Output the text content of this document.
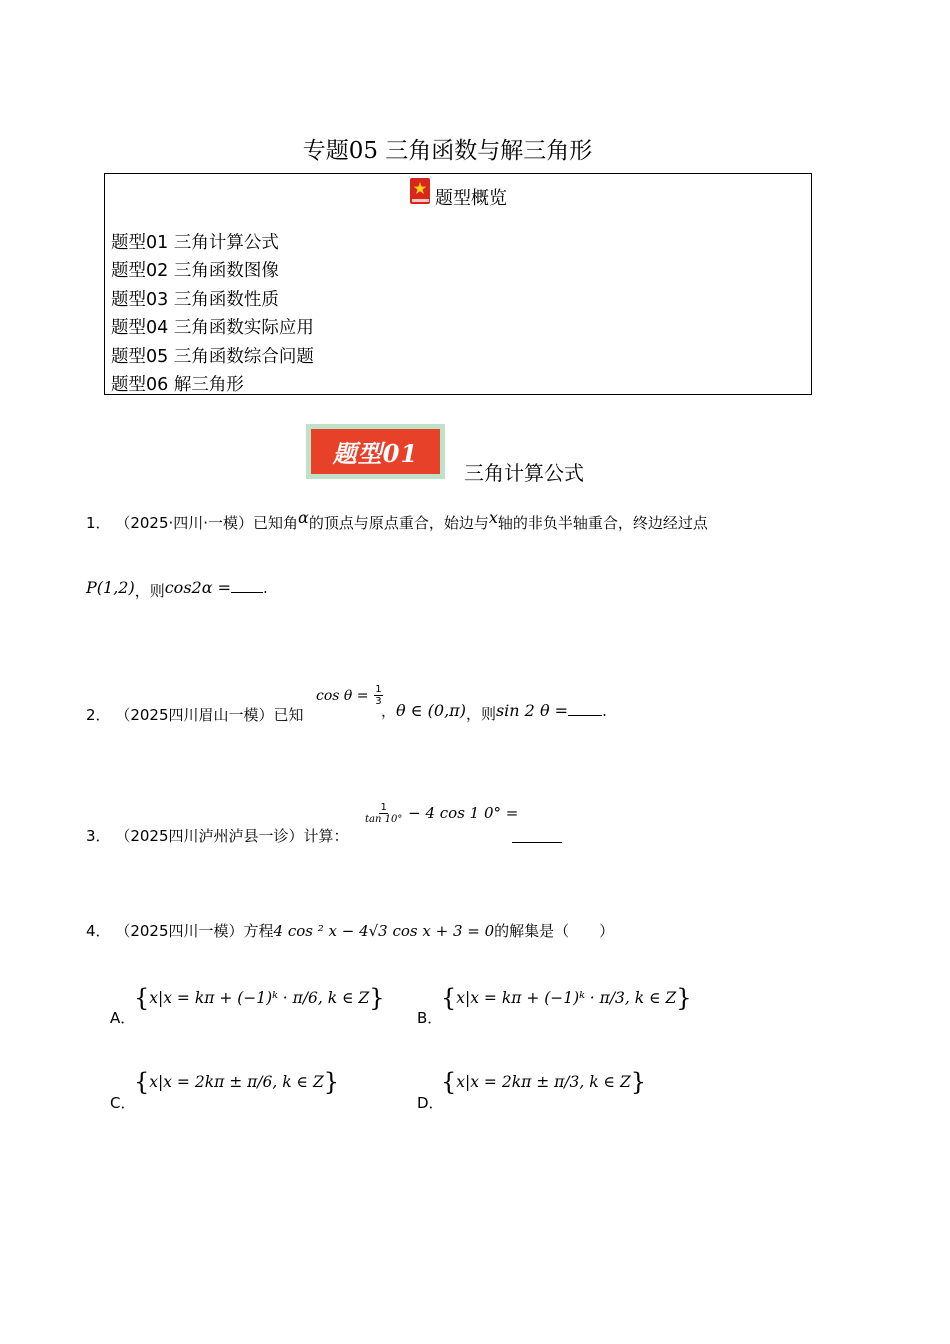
专题05 三角函数与解三角形
题型概览
题型01 三角计算公式
题型02 三角函数图像
题型03 三角函数性质
题型04 三角函数实际应用
题型05 三角函数综合问题
题型06 解三角形
题型01
三角计算公式
1． （2025·四川·一模）已知角α的顶点与原点重合，始边与x轴的非负半轴重合，终边经过点
P(1,2)，则cos2α = .
2． （2025四川眉山一模）已知
$\cos \theta = \frac{1}{3}$
，θ ∈ (0,π)，则sin 2 θ = .
3． （2025四川泸州泸县一诊）计算：
$\frac{1}{\tan 10^\circ} - 4$ cos 1 0° =
4． （2025四川一模）方程4 cos ² x − 4√3 cos x + 3 = 0的解集是（　　）
A．
{x|x = kπ + (−1)ᵏ · π/6, k ∈ Z}
B．
{x|x = kπ + (−1)ᵏ · π/3, k ∈ Z}
C．
{x|x = 2kπ ± π/6, k ∈ Z}
D．
{x|x = 2kπ ± π/3, k ∈ Z}
